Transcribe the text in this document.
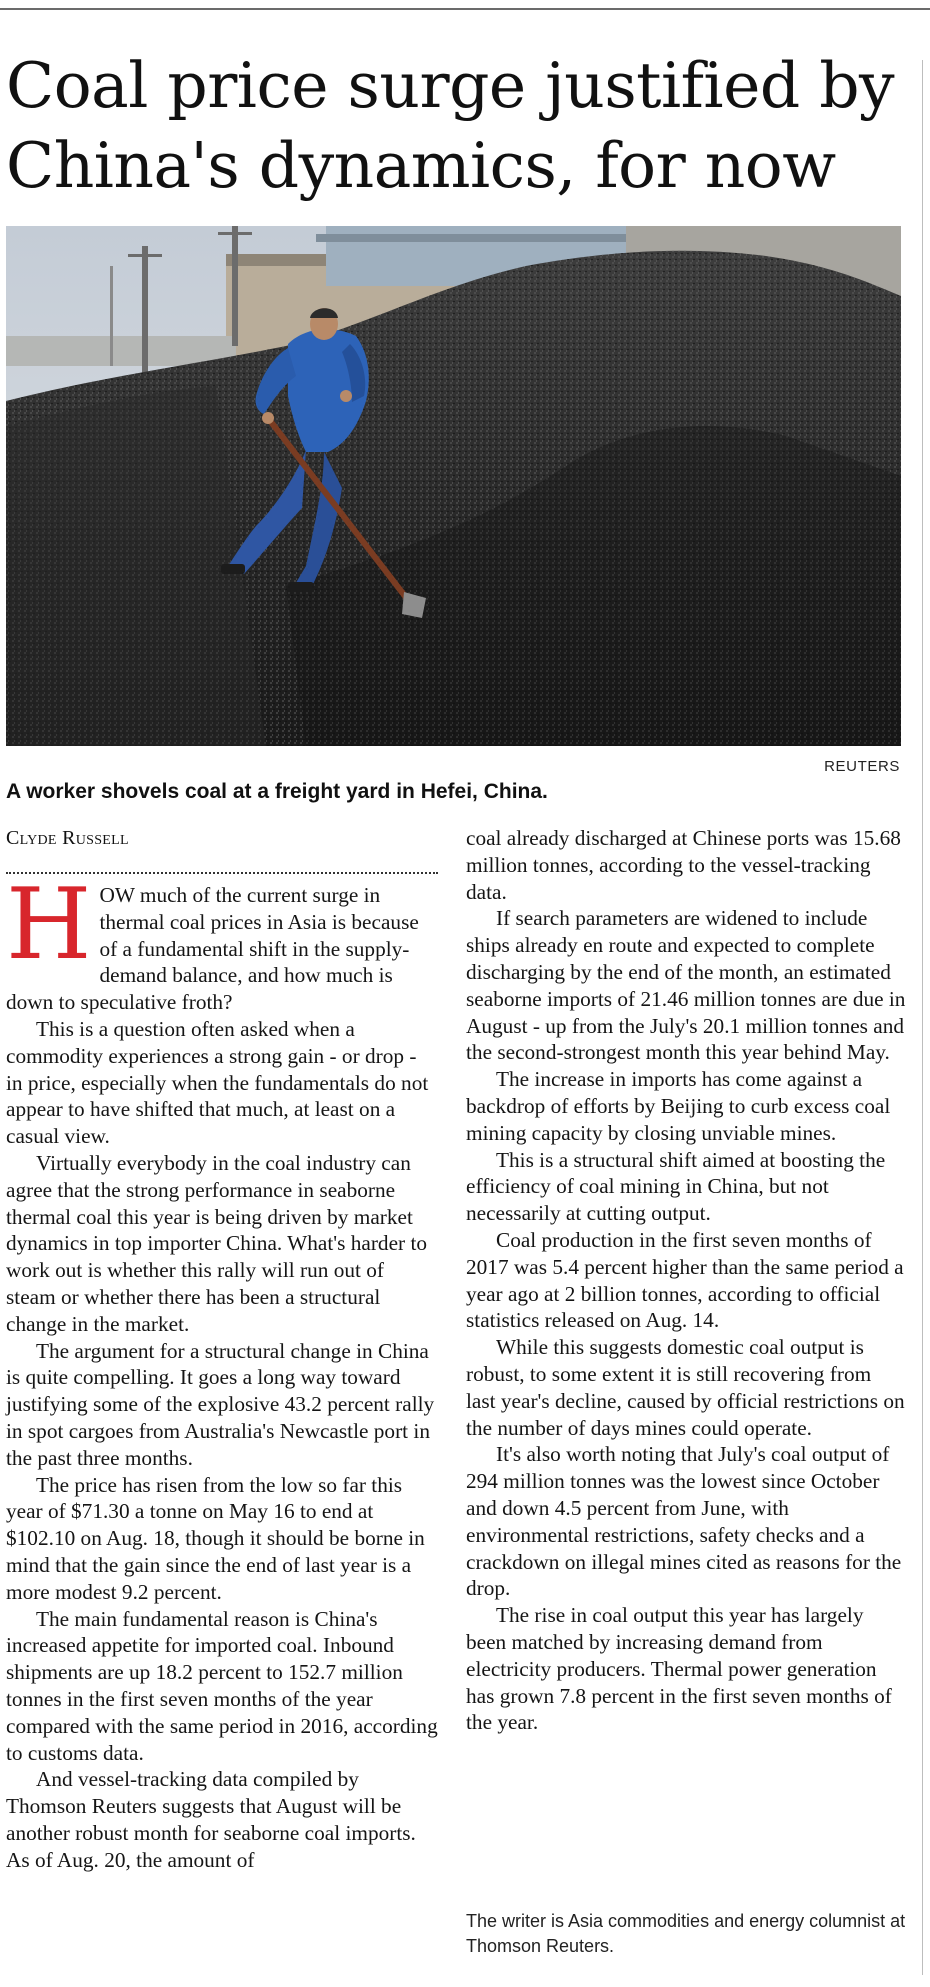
Coal price surge justified by China's dynamics, for now
REUTERS
A worker shovels coal at a freight yard in Hefei, China.
Clyde Russell
H OW much of the current surge in thermal coal prices in Asia is because of a fundamental shift in the supply-demand balance, and how much is down to speculative froth?

This is a question often asked when a commodity experiences a strong gain - or drop - in price, especially when the fundamentals do not appear to have shifted that much, at least on a casual view.

Virtually everybody in the coal industry can agree that the strong performance in seaborne thermal coal this year is being driven by market dynamics in top importer China. What's harder to work out is whether this rally will run out of steam or whether there has been a structural change in the market.

The argument for a structural change in China is quite compelling. It goes a long way toward justifying some of the explosive 43.2 percent rally in spot cargoes from Australia's Newcastle port in the past three months.

The price has risen from the low so far this year of $71.30 a tonne on May 16 to end at $102.10 on Aug. 18, though it should be borne in mind that the gain since the end of last year is a more modest 9.2 percent.

The main fundamental reason is China's increased appetite for imported coal. Inbound shipments are up 18.2 percent to 152.7 million tonnes in the first seven months of the year compared with the same period in 2016, according to customs data.

And vessel-tracking data compiled by Thomson Reuters suggests that August will be another robust month for seaborne coal imports. As of Aug. 20, the amount of

coal already discharged at Chinese ports was 15.68 million tonnes, according to the vessel-tracking data.

If search parameters are widened to include ships already en route and expected to complete discharging by the end of the month, an estimated seaborne imports of 21.46 million tonnes are due in August - up from the July's 20.1 million tonnes and the second-strongest month this year behind May.

The increase in imports has come against a backdrop of efforts by Beijing to curb excess coal mining capacity by closing unviable mines.

This is a structural shift aimed at boosting the efficiency of coal mining in China, but not necessarily at cutting output.

Coal production in the first seven months of 2017 was 5.4 percent higher than the same period a year ago at 2 billion tonnes, according to official statistics released on Aug. 14.

While this suggests domestic coal output is robust, to some extent it is still recovering from last year's decline, caused by official restrictions on the number of days mines could operate.

It's also worth noting that July's coal output of 294 million tonnes was the lowest since October and down 4.5 percent from June, with environmental restrictions, safety checks and a crackdown on illegal mines cited as reasons for the drop.

The rise in coal output this year has largely been matched by increasing demand from electricity producers. Thermal power generation has grown 7.8 percent in the first seven months of the year.

The writer is Asia commodities and energy columnist at Thomson Reuters.
